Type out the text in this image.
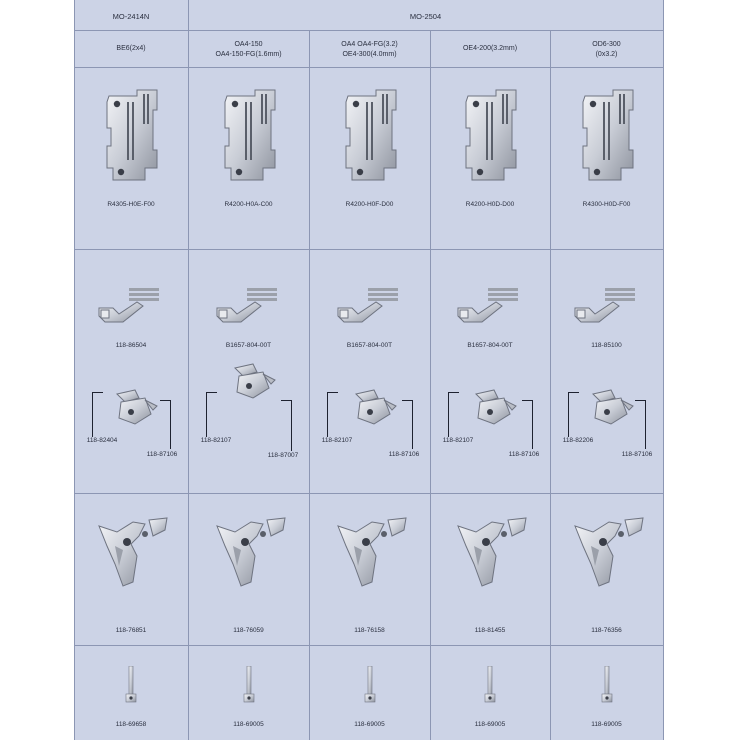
MO-2414N	MO-2504
BE6(2x4)
OA4-150
OA4-150-FG(1.6mm)
OA4 OA4-FG(3.2)
OE4-300(4.0mm)
OE4-200(3.2mm)
OD6-300
(0x3.2)
R4305-H0E-F00
118-86504
118-82404
118-87106
118-76851
118-69658
R4200-H0A-C00
B1657-804-00T
118-82107
118-87007
118-76059
118-69005
R4200-H0F-D00
B1657-804-00T
118-82107
118-87106
118-76158
118-69005
R4200-H0D-D00
B1657-804-00T
118-82107
118-87106
118-81455
118-69005
R4300-H0D-F00
118-85100
118-82206
118-87106
118-76356
118-69005
